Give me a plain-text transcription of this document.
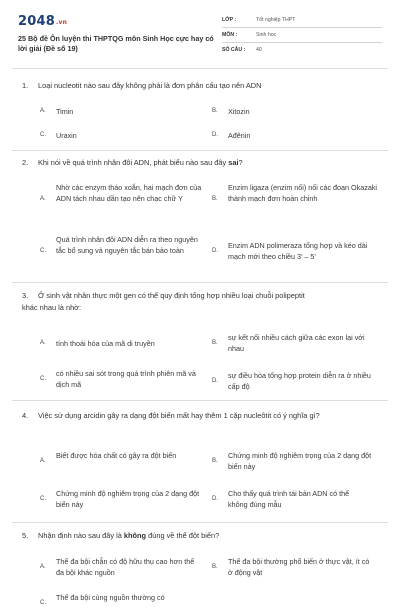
2048.vn
25 Bộ đề Ôn luyện thi THPTQG môn Sinh Học cực hay có lời giải (Đề số 19)
LỚP :	Tốt nghiệp THPT
MÔN :	Sinh học
SỐ CÂU :	40
1. Loại nucleotit nào sau đây không phải là đơn phân cấu tạo nên ADN
A. Timin	B. Xitozin
C. Uraxin	D. Ađênin
2. Khi nói về quá trình nhân đôi ADN, phát biểu nào sau đây sai?
A.
Nhờ các enzym tháo xoắn, hai mạch đơn của ADN tách nhau dần tạo nên chạc chữ Y	B.
Enzim ligaza (enzim nối) nối các đoạn Okazaki thành mạch đơn hoàn chỉnh
C.
Quá trình nhân đôi ADN diễn ra theo nguyên tắc bổ sung và nguyên tắc bán bảo toàn	D.
Enzim ADN polimeraza tổng hợp và kéo dài mạch mới theo chiều 3’ – 5’
3. Ở sinh vật nhân thực một gen có thể quy định tổng hợp nhiều loại chuỗi polipeptit khác nhau là nhờ:
A. tính thoái hóa của mã di truyền	B.
sự kết nối nhiều cách giữa các exon lại với nhau
C.
có nhiều sai sót trong quá trình phiên mã và dịch mã	D.
sự điều hòa tổng hợp protein diễn ra ở nhiều cấp độ
4. Việc sử dụng arcidin gây ra dạng đột biến mất hay thêm 1 cặp nucleôtit có ý nghĩa gì?
A.
Biết được hóa chất có gây ra đột biến
B.
Chứng minh độ nghiêm trọng của 2 dạng đột biến này
C.
Chứng minh độ nghiêm trọng của 2 dạng đột biến này
D.
Cho thấy quá trình tái bản ADN có thể không đúng mẫu
5. Nhận định nào sau đây là không đúng về thể đột biến?
A.
Thể đa bội chẵn có độ hữu thụ cao hơn thể đa bội khác nguồn
B.
Thể đa bội thường phổ biến ở thực vật, ít có ở động vật
C.
Thể đa bội cùng nguồn thường có
